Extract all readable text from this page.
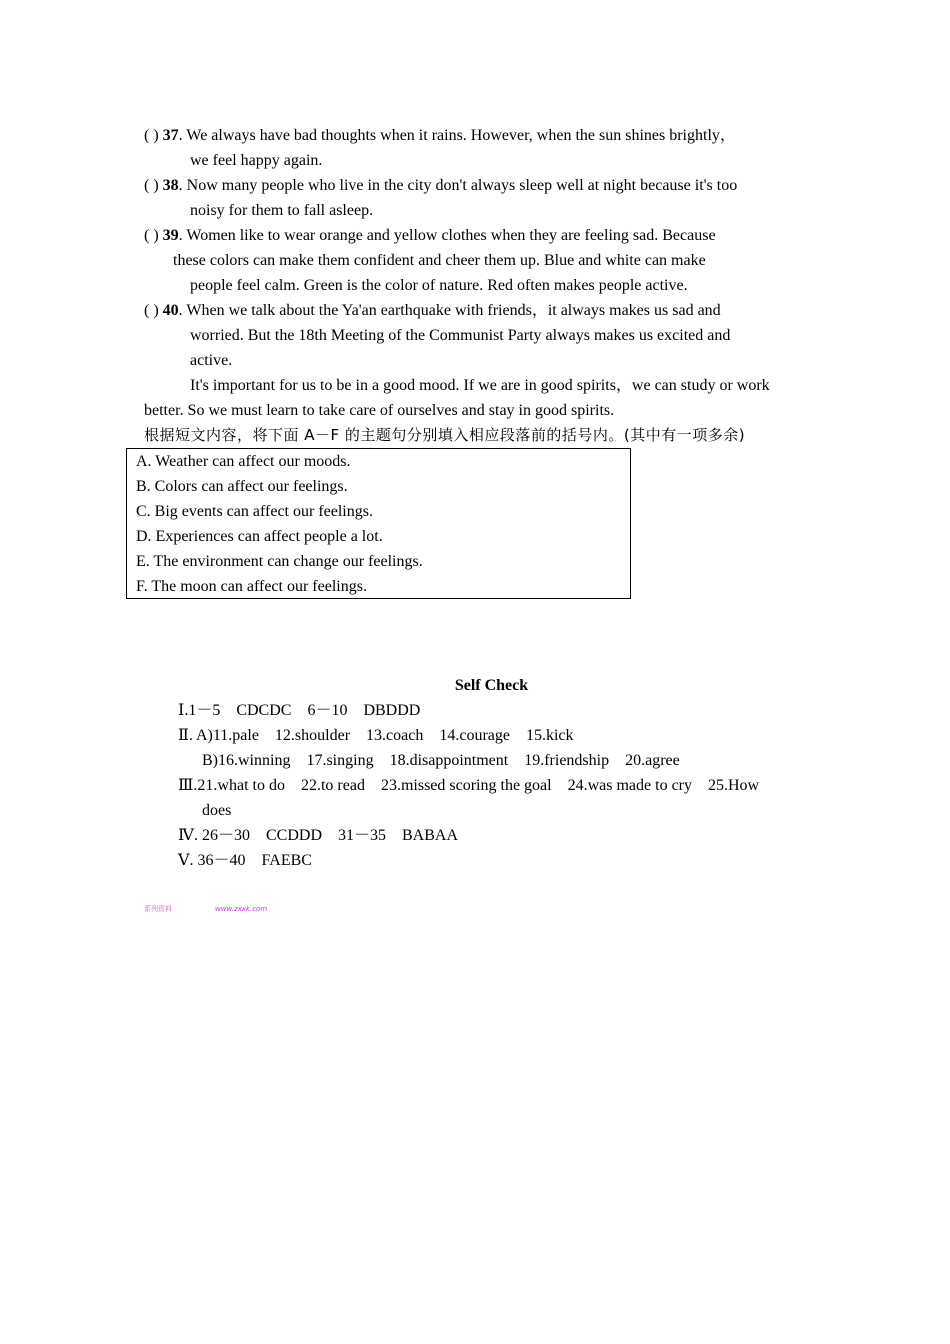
( ) 37. We always have bad thoughts when it rains. However, when the sun shines brightly，
we feel happy again.
( ) 38. Now many people who live in the city don't always sleep well at night because it's too
noisy for them to fall asleep.
( ) 39. Women like to wear orange and yellow clothes when they are feeling sad. Because
these colors can make them confident and cheer them up. Blue and white can make
people feel calm. Green is the color of nature. Red often makes people active.
( ) 40. When we talk about the Ya'an earthquake with friends，it always makes us sad and
worried. But the 18th Meeting of the Communist Party always makes us excited and
active.
It's important for us to be in a good mood. If we are in good spirits，we can study or work
better. So we must learn to take care of ourselves and stay in good spirits.
根据短文内容，将下面 A－F 的主题句分别填入相应段落前的括号内。(其中有一项多余)
A. Weather can affect our moods.
B. Colors can affect our feelings.
C. Big events can affect our feelings.
D. Experiences can affect people a lot.
E. The environment can change our feelings.
F. The moon can affect our feelings.
Self Check
Ⅰ.1－5　CDCDC　6－10　DBDDD
Ⅱ. A)11.pale　12.shoulder　13.coach　14.courage　15.kick
B)16.winning　17.singing　18.disappointment　19.friendship　20.agree
Ⅲ.21.what to do　22.to read　23.missed scoring the goal　24.was made to cry　25.How
does
Ⅳ. 26－30　CCDDD　31－35　BABAA
Ⅴ. 36－40　FAEBC
系列资料	www.zxxk.com
